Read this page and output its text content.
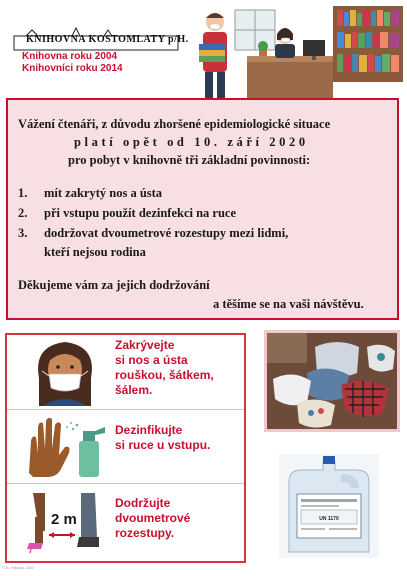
KNIHOVNA KOSTOMLATY p/H.
Knihovna roku 2004
Knihovníci roku 2014
Vážení čtenáři, z důvodu zhoršené epidemiologické situace
platí opět od 10. září 2020
pro pobyt v knihovně tři základní povinnosti:
1. mít zakrytý nos a ústa
2. při vstupu použít dezinfekci na ruce
3. dodržovat dvoumetrové rozestupy mezi lidmi,
kteří nejsou rodina
Děkujeme vám za jejich dodržování
a těšíme se na vaši návštěvu.
Zakrývejte
si nos a ústa
rouškou, šátkem,
šálem.
Dezinfikujte
si ruce u vstupu.
2 m
Dodržujte
dvoumetrové
rozestupy.
UN 1170
© Ilu. Hlasová, 2020
